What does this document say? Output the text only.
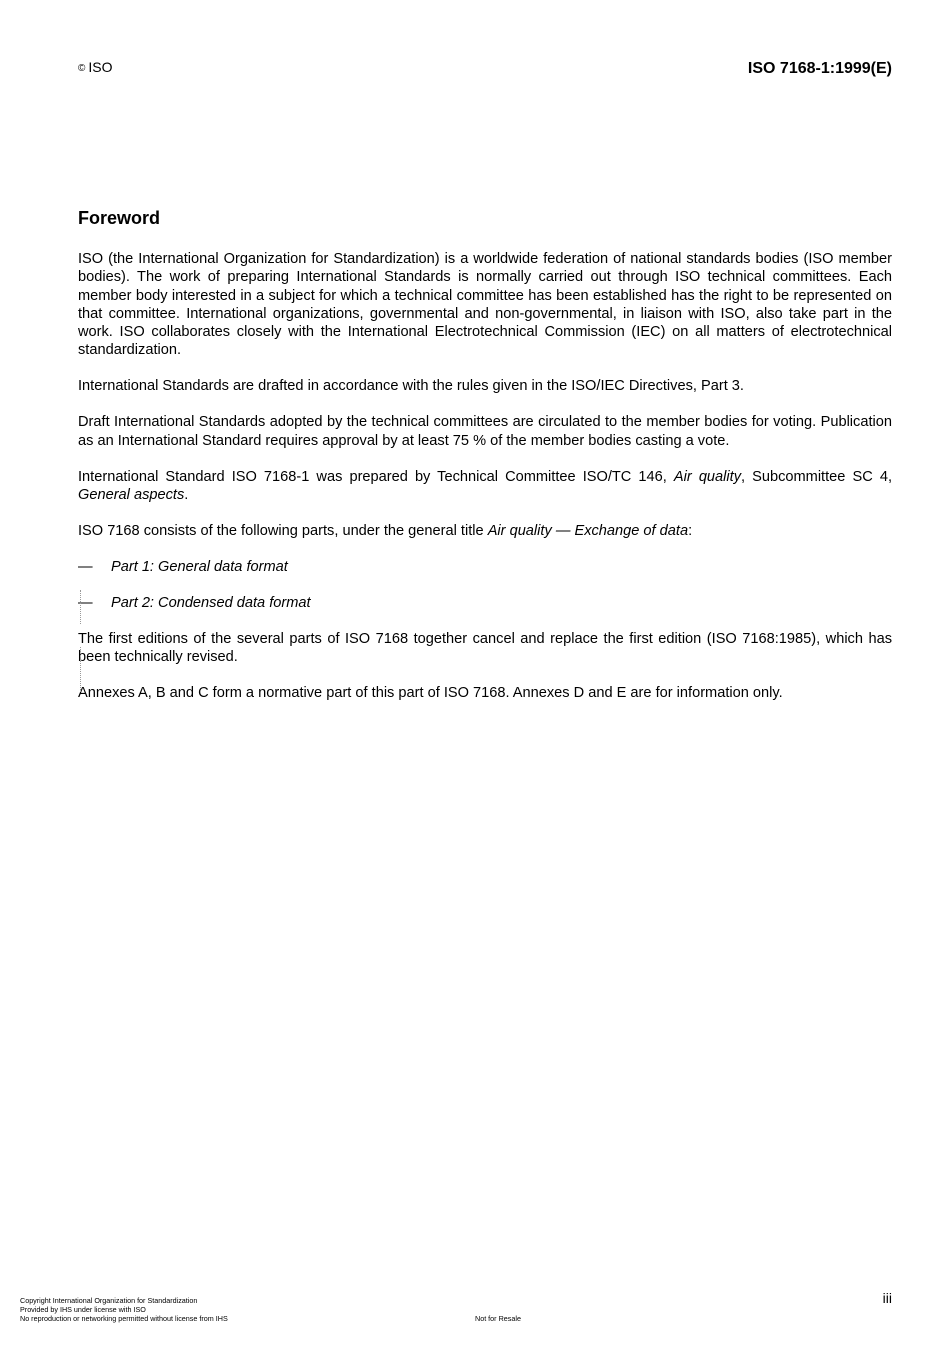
© ISO	ISO 7168-1:1999(E)
Foreword

ISO (the International Organization for Standardization) is a worldwide federation of national standards bodies (ISO member bodies). The work of preparing International Standards is normally carried out through ISO technical committees. Each member body interested in a subject for which a technical committee has been established has the right to be represented on that committee. International organizations, governmental and non-governmental, in liaison with ISO, also take part in the work. ISO collaborates closely with the International Electrotechnical Commission (IEC) on all matters of electrotechnical standardization.

International Standards are drafted in accordance with the rules given in the ISO/IEC Directives, Part 3.

Draft International Standards adopted by the technical committees are circulated to the member bodies for voting. Publication as an International Standard requires approval by at least 75 % of the member bodies casting a vote.

International Standard ISO 7168-1 was prepared by Technical Committee ISO/TC 146, Air quality, Subcommittee SC 4, General aspects.

ISO 7168 consists of the following parts, under the general title Air quality — Exchange of data:

— Part 1: General data format
— Part 2: Condensed data format

The first editions of the several parts of ISO 7168 together cancel and replace the first edition (ISO 7168:1985), which has been technically revised.

Annexes A, B and C form a normative part of this part of ISO 7168. Annexes D and E are for information only.

Copyright International Organization for Standardization
Provided by IHS under license with ISO
No reproduction or networking permitted without license from IHS	Not for Resale
iii
